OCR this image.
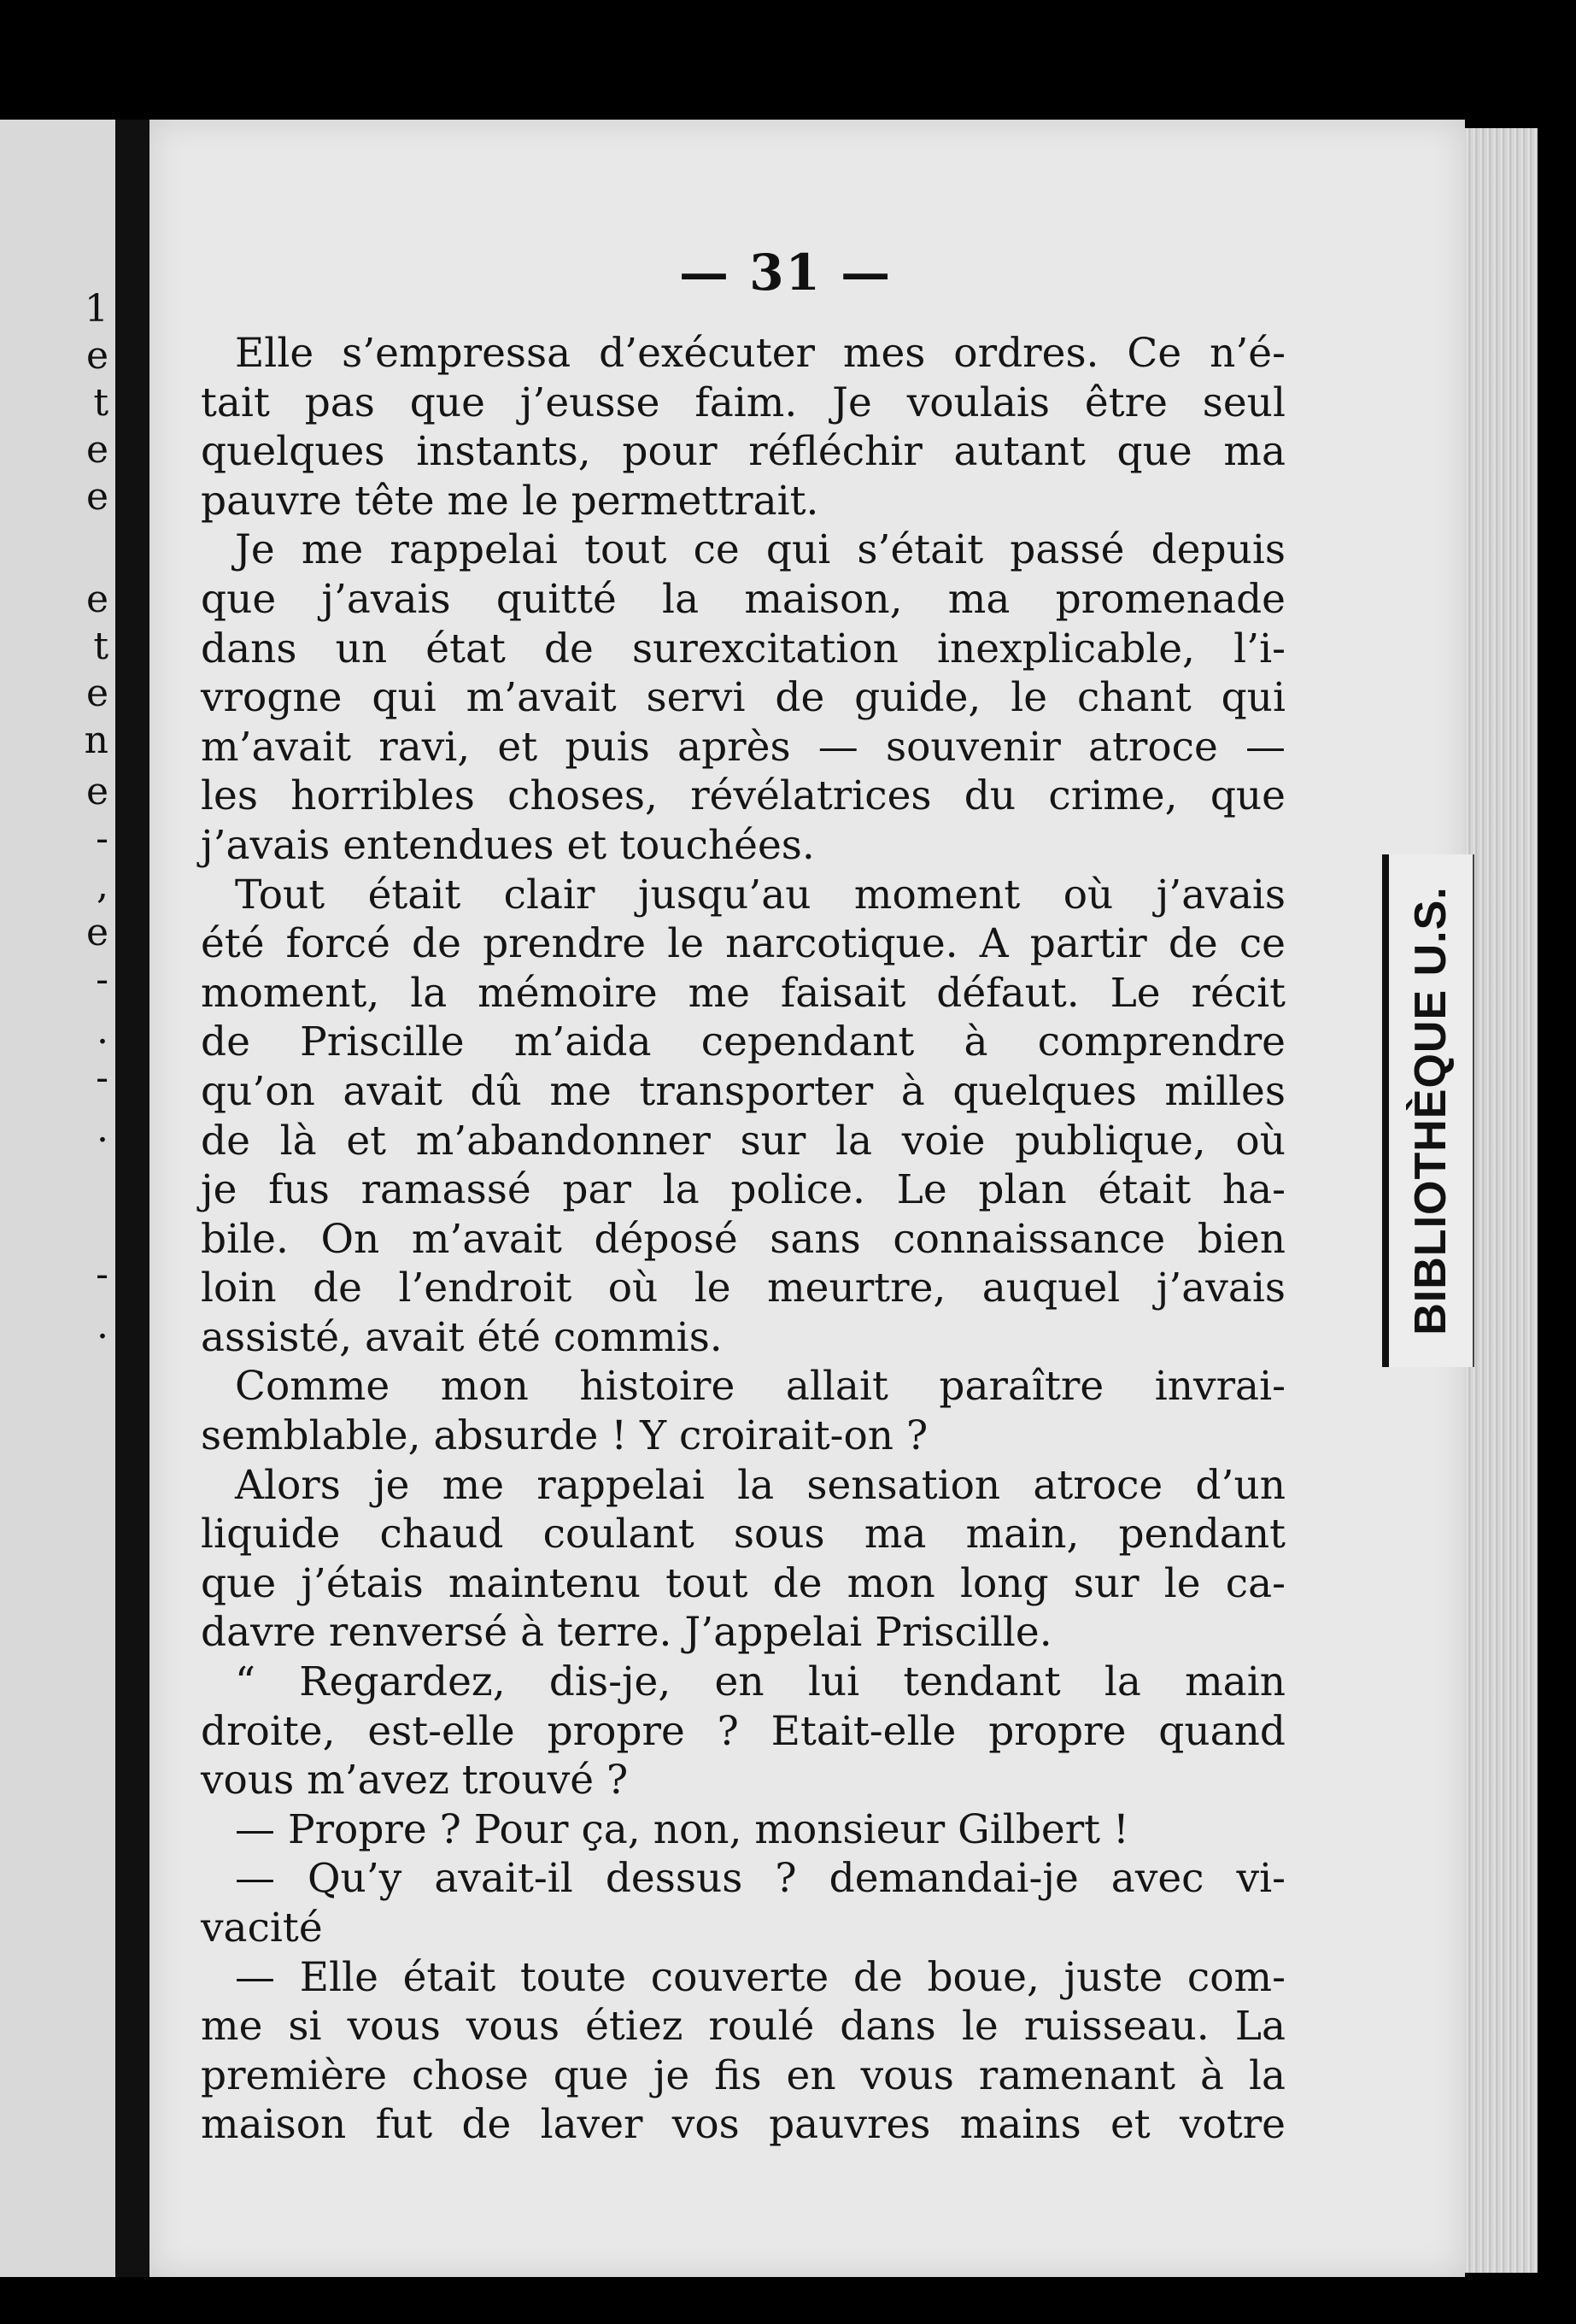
1
e
t
e
e
e
t
e
n
e
-
,
e
-
.
-
.
-
.	BIBLIOTHÈQUE U.S.
— 31 —
Elle s’empressa d’exécuter mes ordres. Ce n’é-
tait pas que j’eusse faim. Je voulais être seul
quelques instants, pour réfléchir autant que ma
pauvre tête me le permettrait.
Je me rappelai tout ce qui s’était passé depuis
que j’avais quitté la maison, ma promenade
dans un état de surexcitation inexplicable, l’i-
vrogne qui m’avait servi de guide, le chant qui
m’avait ravi, et puis après — souvenir atroce —
les horribles choses, révélatrices du crime, que
j’avais entendues et touchées.
Tout était clair jusqu’au moment où j’avais
été forcé de prendre le narcotique. A partir de ce
moment, la mémoire me faisait défaut. Le récit
de Priscille m’aida cependant à comprendre
qu’on avait dû me transporter à quelques milles
de là et m’abandonner sur la voie publique, où
je fus ramassé par la police. Le plan était ha-
bile. On m’avait déposé sans connaissance bien
loin de l’endroit où le meurtre, auquel j’avais
assisté, avait été commis.
Comme mon histoire allait paraître invrai-
semblable, absurde ! Y croirait-on ?
Alors je me rappelai la sensation atroce d’un
liquide chaud coulant sous ma main, pendant
que j’étais maintenu tout de mon long sur le ca-
davre renversé à terre. J’appelai Priscille.
“ Regardez, dis-je, en lui tendant la main
droite, est-elle propre ? Etait-elle propre quand
vous m’avez trouvé ?
— Propre ? Pour ça, non, monsieur Gilbert !
— Qu’y avait-il dessus ? demandai-je avec vi-
vacité
— Elle était toute couverte de boue, juste com-
me si vous vous étiez roulé dans le ruisseau. La
première chose que je fis en vous ramenant à la
maison fut de laver vos pauvres mains et votre
